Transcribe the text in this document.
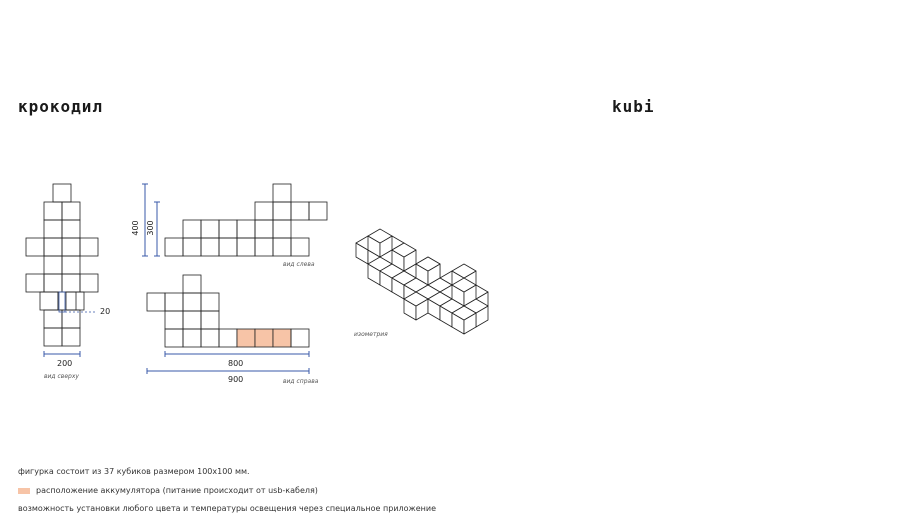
крокодил	kubi
20
200
вид сверху
400 300
вид слева
800
900	вид справа
изометрия
фигурка состоит из 37 кубиков размером 100х100 мм.
расположение аккумулятора (питание происходит от usb-кабеля)
возможность установки любого цвета и температуры освещения через специальное приложение
